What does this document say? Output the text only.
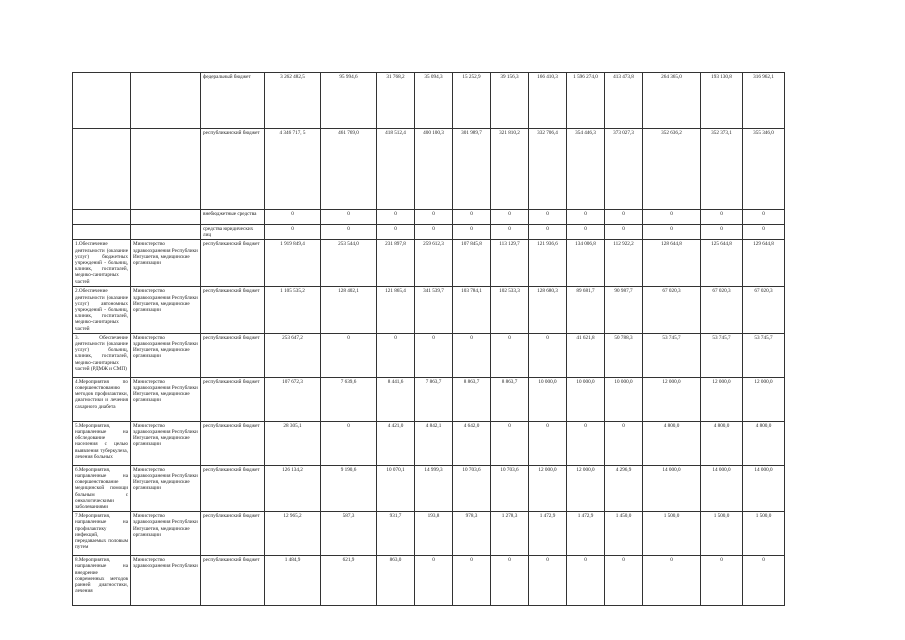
		федеральный бюджет	3 262 482,5	95 994,6	31 768,2	35 094,3	15 252,9	39 156,3	166 410,3	1 596 274,0	413 473,8	264 365,0	193 130,8	316 962,1
		республиканский бюджет	4 346 717, 5	461 769,0	418 512,4	400 100,3	301 989,7	321 810,2	332 706,4	354 446,3	373 027,3	352 636,2	352 373,1	355 346,0
		внебюджетные средства	0	0	0	0	0	0	0	0	0	0	0	0
		средства юридических лиц	0	0	0	0	0	0	0	0	0	0	0	0
1.Обеспечение деятельности (оказание услуг) бюджетных учреждений - больниц, клиник, госпиталей, медико-санитарных частей	Министерство здравоохранения Республики Ингушетия, медицинские организации	республиканский бюджет	1 919 849,4	253 544,0	231 897,8	259 612,3	107 845,8	113 129,7	121 936,6	134 006,8	112 922,2	128 644,8	125 644,8	129 644,8
2.Обеспечение деятельности (оказание услуг) автономных учреждений - больниц, клиник, госпиталей, медико-санитарных частей	Министерство здравоохранения Республики Ингушетия, медицинские организации	республиканский бюджет	1 105 535,2	128 402,1	121 865,4	341 539,7	103 784,1	102 533,3	128 680,3	89 681,7	90 987,7	67 020,3	67 020,3	67 020,3
3. Обеспечение деятельности (оказание услуг) больниц, клиник, госпиталей, медико-санитарных частей (РДМЖ и СМП)	Министерство здравоохранения Республики Ингушетия, медицинские организации	республиканский бюджет	253 647,2	0	0	0	0	0	0	41 621,8	50 788,3	53 745,7	53 745,7	53 745,7
4.Мероприятия по совершенствованию методов профилактики, диагностики и лечения сахарного диабета	Министерство здравоохранения Республики Ингушетия, медицинские организации	республиканский бюджет	107 672,3	7 639,6	8 441,6	7 863,7	8 863,7	8 863,7	10 000,0	10 000,0	10 000,0	12 000,0	12 000,0	12 000,0
5.Мероприятия, направленные на обследование населения с целью выявления туберкулеза, лечения больных	Министерство здравоохранения Республики Ингушетия, медицинские организации	республиканский бюджет	28 305,1	0	4 421,0	4 842,1	4 642,0	0	0	0	0	4 800,0	4 800,0	4 800,0
6.Мероприятия, направленные на совершенствование медицинской помощи больным с онкологическими заболеваниями	Министерство здравоохранения Республики Ингушетия, медицинские организации	республиканский бюджет	126 134,2	9 190,6	10 070,1	14 999,3	10 703,6	10 703,6	12 000,0	12 000,0	4 296,9	14 000,0	14 000,0	14 000,0
7.Мероприятия, направленные на профилактику инфекций, передаваемых половым путем	Министерство здравоохранения Республики Ингушетия, медицинские организации	республиканский бюджет	12 965,2	587,3	931,7	193,8	978,3	1 278,3	1 472,9	1 472,9	1 450,0	1 500,0	1 500,0	1 500,0
8.Мероприятия, направленные на внедрение современных методов ранней диагностики, лечения	Министерство здравоохранения Республики	республиканский бюджет	1 484,9	621,9	863,0	0	0	0	0	0	0	0	0	0
